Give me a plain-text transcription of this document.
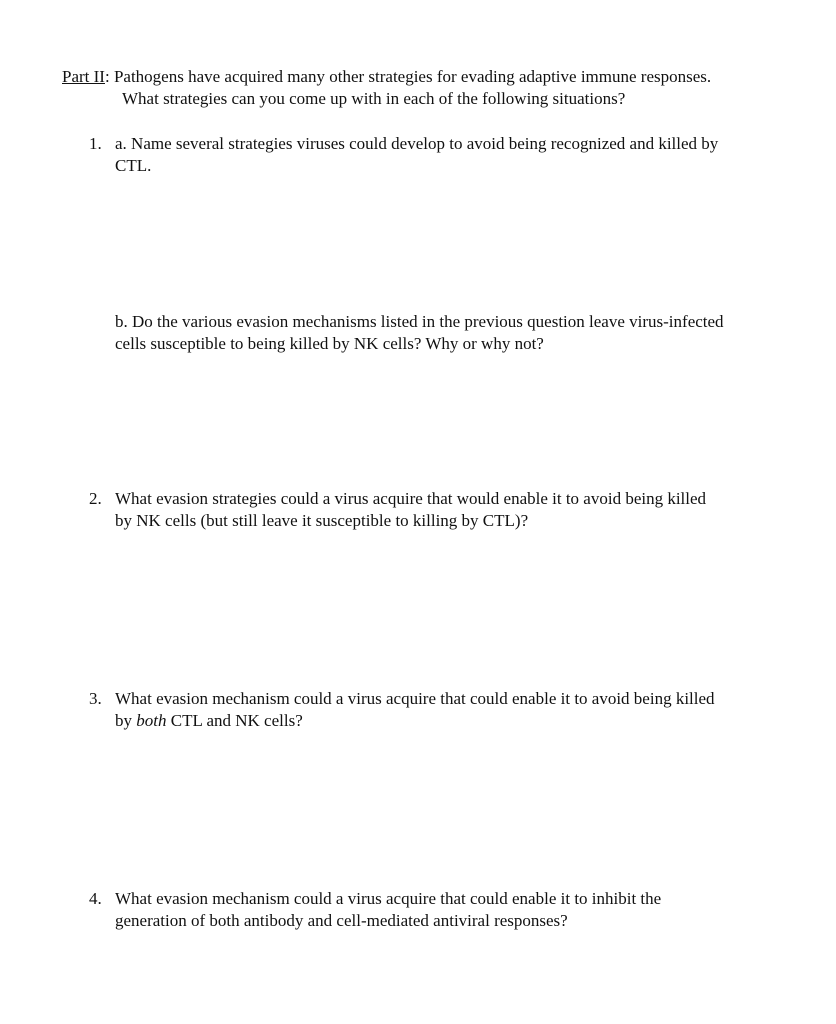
Part II: Pathogens have acquired many other strategies for evading adaptive immune responses.

What strategies can you come up with in each of the following situations?

1. a. Name several strategies viruses could develop to avoid being recognized and killed by

CTL.

b. Do the various evasion mechanisms listed in the previous question leave virus-infected

cells susceptible to being killed by NK cells? Why or why not?

2. What evasion strategies could a virus acquire that would enable it to avoid being killed

by NK cells (but still leave it susceptible to killing by CTL)?

3. What evasion mechanism could a virus acquire that could enable it to avoid being killed

by both CTL and NK cells?

4. What evasion mechanism could a virus acquire that could enable it to inhibit the

generation of both antibody and cell-mediated antiviral responses?
